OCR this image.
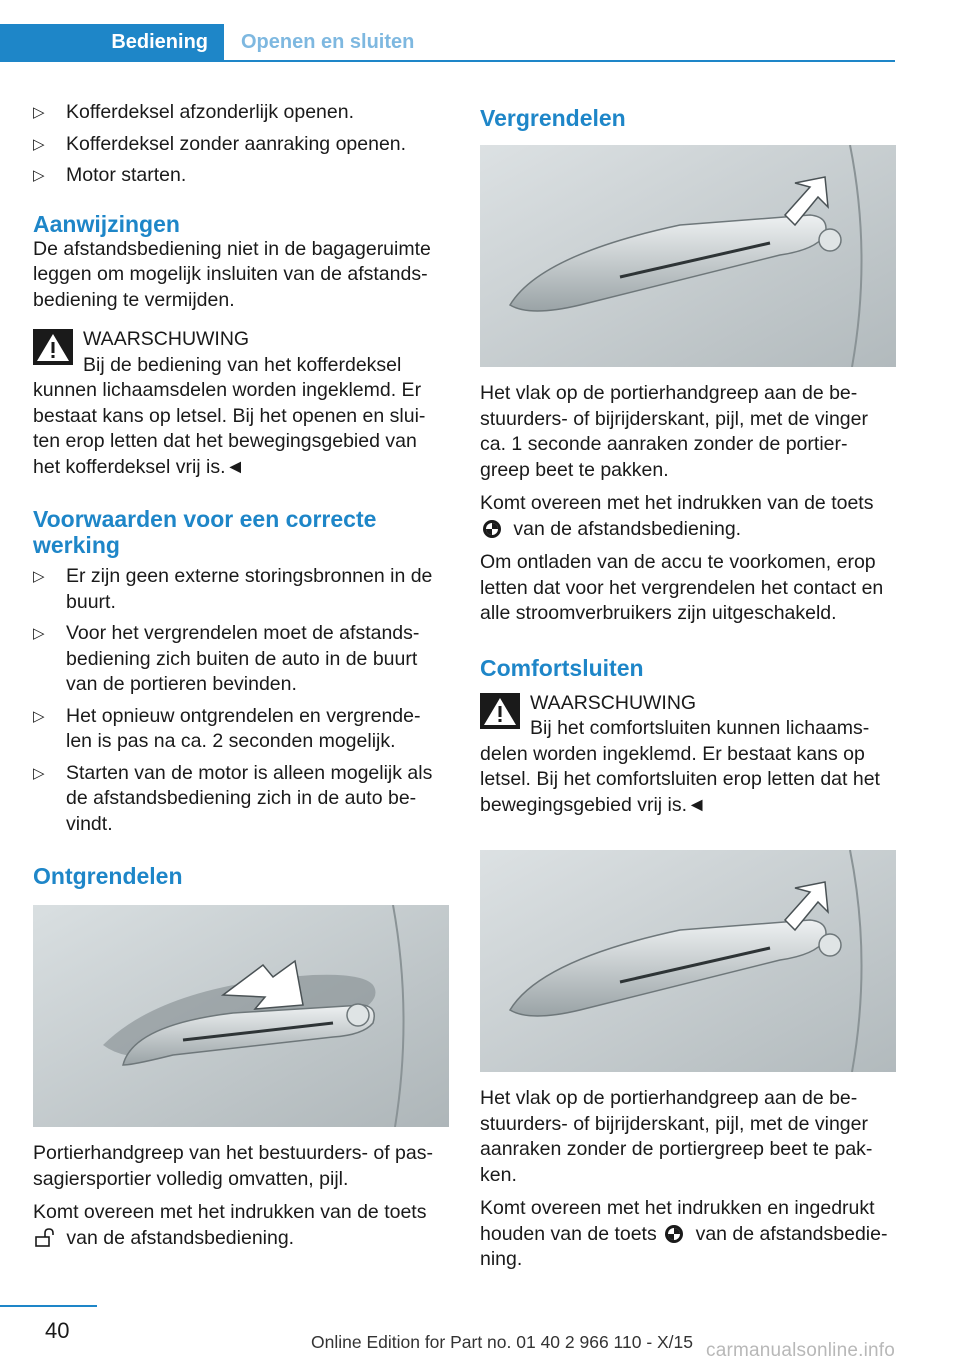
Bediening	Openen en sluiten
▷ Kofferdeksel afzonderlijk openen.
▷ Kofferdeksel zonder aanraking openen.
▷ Motor starten.
Aanwijzingen

De afstandsbediening niet in de bagageruimte leggen om mogelijk insluiten van de afstands‐ bediening te vermijden.

WAARSCHUWING

Bij de bediening van het kofferdeksel

kunnen lichaamsdelen worden ingeklemd. Er bestaat kans op letsel. Bij het openen en slui‐ ten erop letten dat het bewegingsgebied van het kofferdeksel vrij is.◄

Voorwaarden voor een correcte werking
▷ Er zijn geen externe storingsbronnen in de buurt.
▷ Voor het vergrendelen moet de afstands‐ bediening zich buiten de auto in de buurt van de portieren bevinden.
▷ Het opnieuw ontgrendelen en vergrende‐ len is pas na ca. 2 seconden mogelijk.
▷ Starten van de motor is alleen mogelijk als de afstandsbediening zich in de auto be‐ vindt.
Ontgrendelen

Portierhandgreep van het bestuurders- of pas‐ sagiersportier volledig omvatten, pijl.

Komt overeen met het indrukken van de toets
van de afstandsbediening.

Vergrendelen

Het vlak op de portierhandgreep aan de be‐ stuurders- of bijrijderskant, pijl, met de vinger ca. 1 seconde aanraken zonder de portier‐ greep beet te pakken.

Komt overeen met het indrukken van de toets
van de afstandsbediening.

Om ontladen van de accu te voorkomen, erop letten dat voor het vergrendelen het contact en alle stroomverbruikers zijn uitgeschakeld.

Comfortsluiten

WAARSCHUWING

Bij het comfortsluiten kunnen lichaams‐

delen worden ingeklemd. Er bestaat kans op letsel. Bij het comfortsluiten erop letten dat het bewegingsgebied vrij is.◄

Het vlak op de portierhandgreep aan de be‐ stuurders- of bijrijderskant, pijl, met de vinger aanraken zonder de portiergreep beet te pak‐ ken.

Komt overeen met het indrukken en ingedrukt houden van de toets van de afstandsbedie‐ ning.

40	Online Edition for Part no. 01 40 2 966 110 - X/15 carmanualsonline.info
